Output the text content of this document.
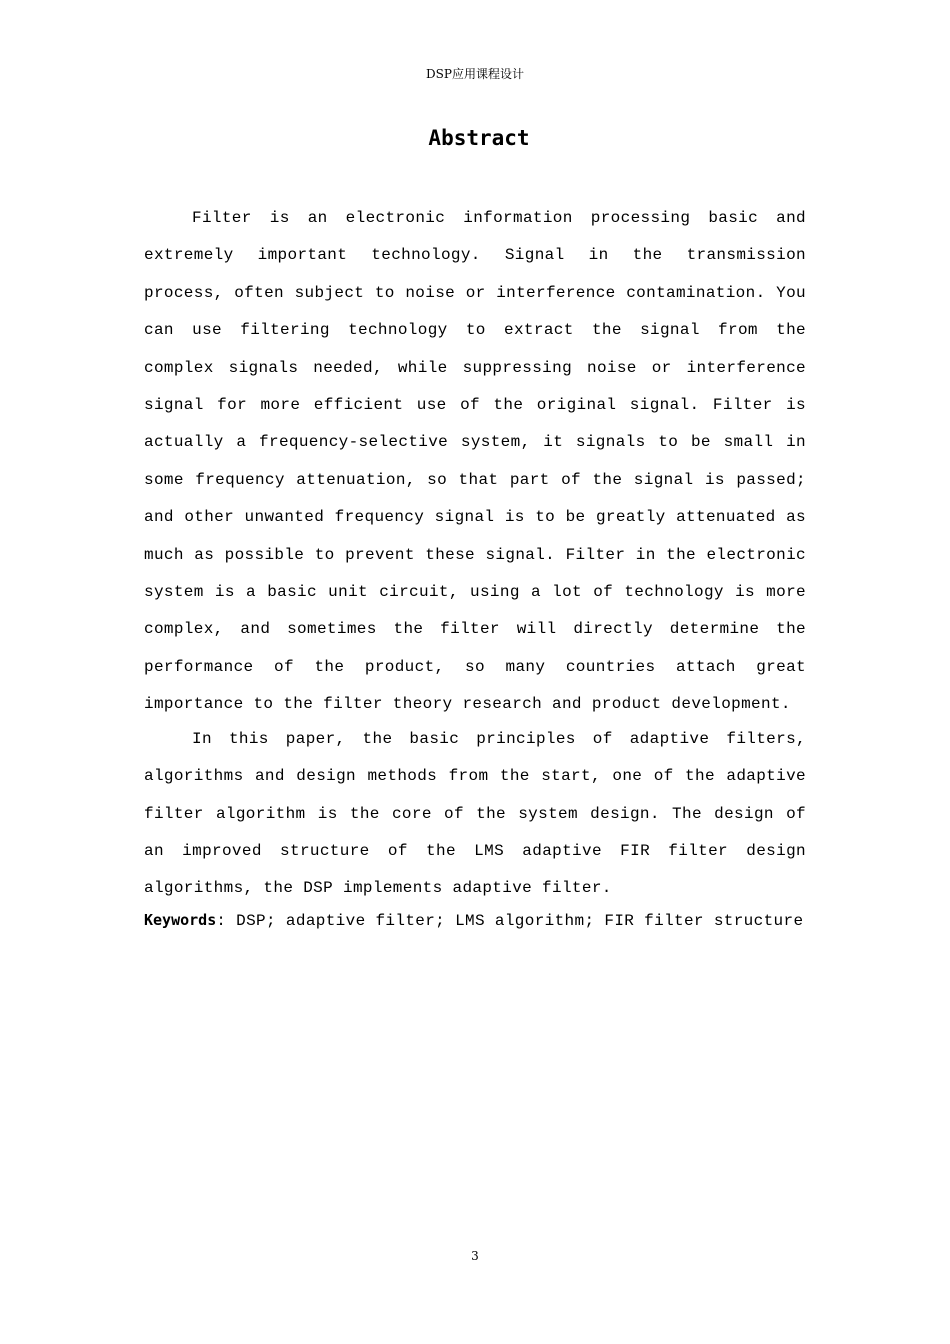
DSP应用课程设计
Abstract

Filter is an electronic information processing basic and extremely important technology. Signal in the transmission process, often subject to noise or interference contamination. You can use filtering technology to extract the signal from the complex signals needed, while suppressing noise or interference signal for more efficient use of the original signal. Filter is actually a frequency-selective system, it signals to be small in some frequency attenuation, so that part of the signal is passed; and other unwanted frequency signal is to be greatly attenuated as much as possible to prevent these signal. Filter in the electronic system is a basic unit circuit, using a lot of technology is more complex, and sometimes the filter will directly determine the performance of the product, so many countries attach great importance to the filter theory research and product development.

In this paper, the basic principles of adaptive filters, algorithms and design methods from the start, one of the adaptive filter algorithm is the core of the system design. The design of an improved structure of the LMS adaptive FIR filter design algorithms, the DSP implements adaptive filter.

Keywords: DSP; adaptive filter; LMS algorithm; FIR filter structure

3
